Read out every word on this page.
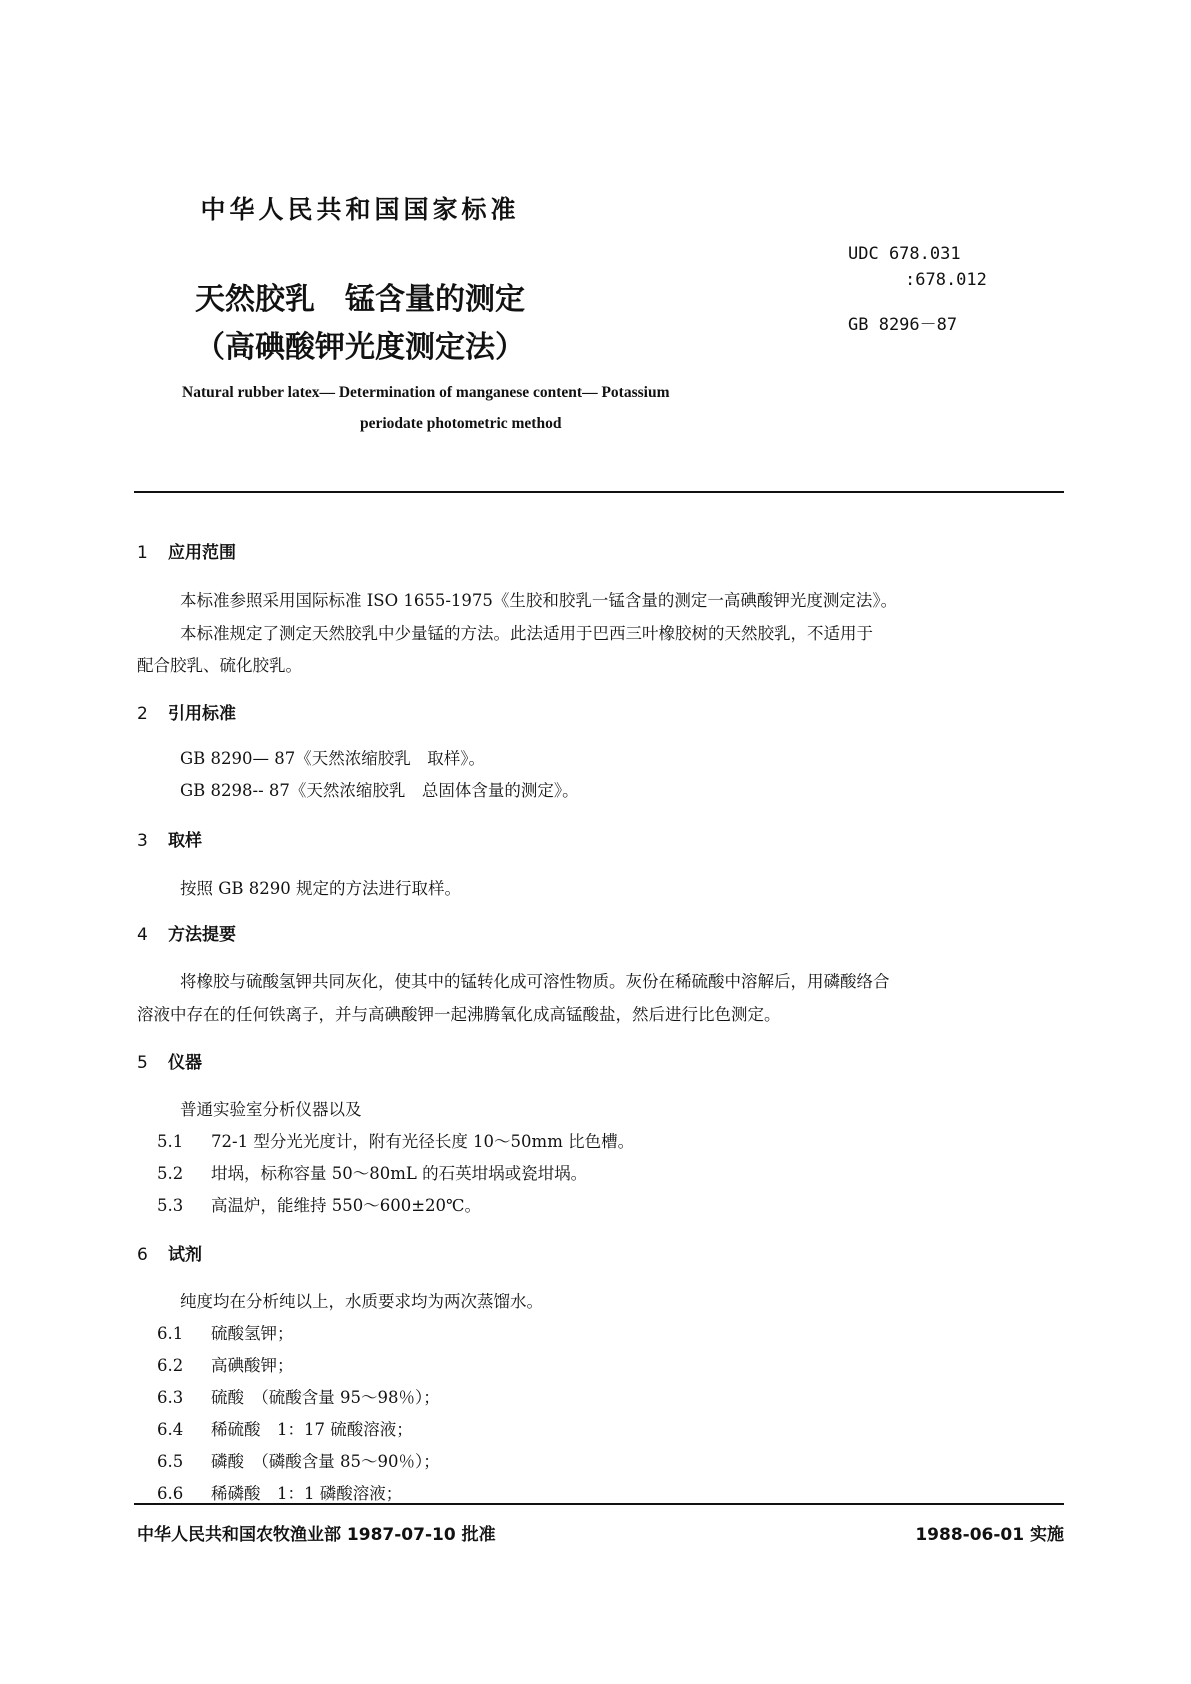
中华人民共和国国家标准
天然胶乳　锰含量的测定
（高碘酸钾光度测定法）
UDC 678.031
:678.012
GB 8296－87
Natural rubber latex— Determination of manganese content— Potassium
periodate photometric method
1 应用范围
本标准参照采用国际标准 ISO 1655-1975《生胶和胶乳一锰含量的测定一高碘酸钾光度测定法》。
本标准规定了测定天然胶乳中少量锰的方法。此法适用于巴西三叶橡胶树的天然胶乳，不适用于
配合胶乳、硫化胶乳。
2 引用标准
GB 8290— 87《天然浓缩胶乳　取样》。
GB 8298-- 87《天然浓缩胶乳　总固体含量的测定》。
3 取样
按照 GB 8290 规定的方法进行取样。
4 方法提要
将橡胶与硫酸氢钾共同灰化，使其中的锰转化成可溶性物质。灰份在稀硫酸中溶解后，用磷酸络合
溶液中存在的任何铁离子，并与高碘酸钾一起沸腾氧化成高锰酸盐，然后进行比色测定。
5 仪器
普通实验室分析仪器以及
5.1 72-1 型分光光度计，附有光径长度 10～50mm 比色槽。
5.2 坩埚，标称容量 50～80mL 的石英坩埚或瓷坩埚。
5.3 高温炉，能维持 550～600±20℃。
6 试剂
纯度均在分析纯以上，水质要求均为两次蒸馏水。
6.1 硫酸氢钾；
6.2 高碘酸钾；
6.3 硫酸　（硫酸含量 95～98％）；
6.4 稀硫酸　1：17 硫酸溶液；
6.5 磷酸　（磷酸含量 85～90％）；
6.6 稀磷酸　1：1 磷酸溶液；
中华人民共和国农牧渔业部 1987-07-10 批准	1988-06-01 实施
